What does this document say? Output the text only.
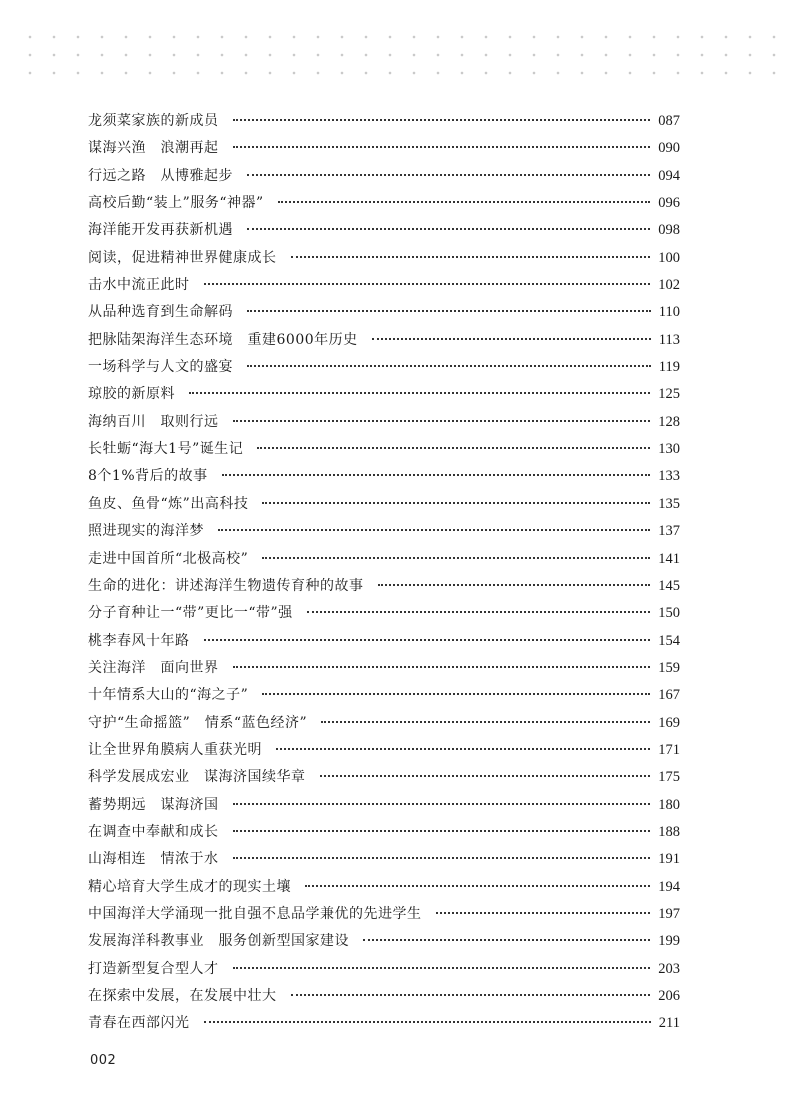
龙须菜家族的新成员	087
谋海兴渔　浪潮再起	090
行远之路　从博雅起步	094
高校后勤“装上”服务“神器”	096
海洋能开发再获新机遇	098
阅读，促进精神世界健康成长	100
击水中流正此时	102
从品种选育到生命解码	110
把脉陆架海洋生态环境　重建6000年历史	113
一场科学与人文的盛宴	119
琼胶的新原料	125
海纳百川　取则行远	128
长牡蛎“海大1号”诞生记	130
8个1%背后的故事	133
鱼皮、鱼骨“炼”出高科技	135
照进现实的海洋梦	137
走进中国首所“北极高校”	141
生命的进化：讲述海洋生物遗传育种的故事	145
分子育种让一“带”更比一“带”强	150
桃李春风十年路	154
关注海洋　面向世界	159
十年情系大山的“海之子”	167
守护“生命摇篮”　情系“蓝色经济”	169
让全世界角膜病人重获光明	171
科学发展成宏业　谋海济国续华章	175
蓄势期远　谋海济国	180
在调查中奉献和成长	188
山海相连　情浓于水	191
精心培育大学生成才的现实土壤	194
中国海洋大学涌现一批自强不息品学兼优的先进学生	197
发展海洋科教事业　服务创新型国家建设	199
打造新型复合型人才	203
在探索中发展，在发展中壮大	206
青春在西部闪光	211
002
